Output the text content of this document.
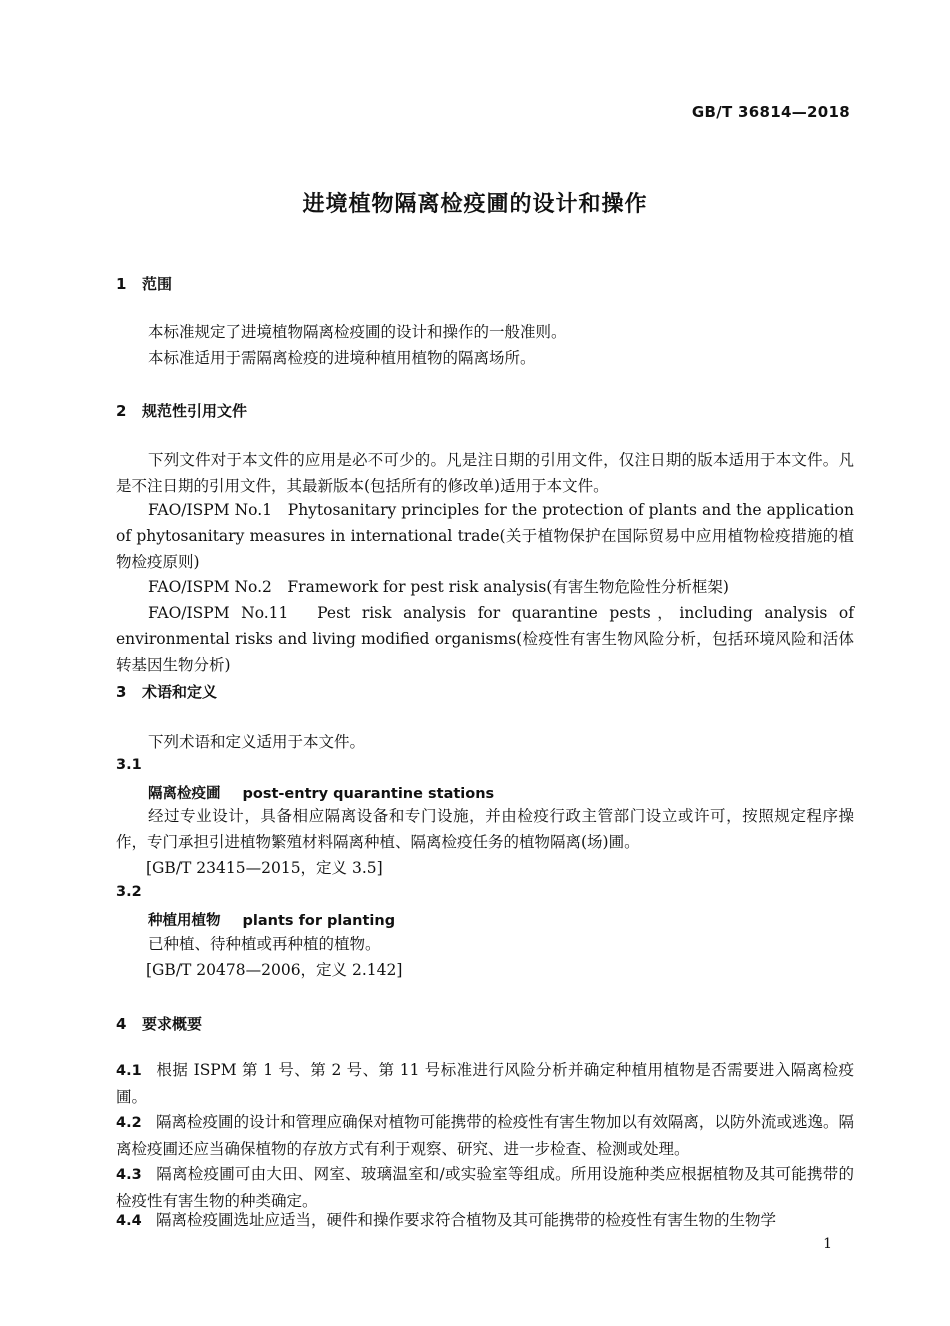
GB/T 36814—2018
进境植物隔离检疫圃的设计和操作
1 范围
本标准规定了进境植物隔离检疫圃的设计和操作的一般准则。
本标准适用于需隔离检疫的进境种植用植物的隔离场所。
2 规范性引用文件
下列文件对于本文件的应用是必不可少的。凡是注日期的引用文件，仅注日期的版本适用于本文件。凡是不注日期的引用文件，其最新版本(包括所有的修改单)适用于本文件。
FAO/ISPM No.1　Phytosanitary principles for the protection of plants and the application of phytosanitary measures in international trade(关于植物保护在国际贸易中应用植物检疫措施的植物检疫原则)
FAO/ISPM No.2　Framework for pest risk analysis(有害生物危险性分析框架)
FAO/ISPM No.11　Pest risk analysis for quarantine pests，including analysis of environmental risks and living modified organisms(检疫性有害生物风险分析，包括环境风险和活体转基因生物分析)
3 术语和定义
下列术语和定义适用于本文件。
3.1
隔离检疫圃 post-entry quarantine stations
经过专业设计，具备相应隔离设备和专门设施，并由检疫行政主管部门设立或许可，按照规定程序操作，专门承担引进植物繁殖材料隔离种植、隔离检疫任务的植物隔离(场)圃。
[GB/T 23415—2015，定义 3.5]
3.2
种植用植物 plants for planting
已种植、待种植或再种植的植物。
[GB/T 20478—2006，定义 2.142]
4 要求概要
4.1 根据 ISPM 第 1 号、第 2 号、第 11 号标准进行风险分析并确定种植用植物是否需要进入隔离检疫圃。
4.2 隔离检疫圃的设计和管理应确保对植物可能携带的检疫性有害生物加以有效隔离，以防外流或逃逸。隔离检疫圃还应当确保植物的存放方式有利于观察、研究、进一步检查、检测或处理。
4.3 隔离检疫圃可由大田、网室、玻璃温室和/或实验室等组成。所用设施种类应根据植物及其可能携带的检疫性有害生物的种类确定。
4.4 隔离检疫圃选址应适当，硬件和操作要求符合植物及其可能携带的检疫性有害生物的生物学
1
